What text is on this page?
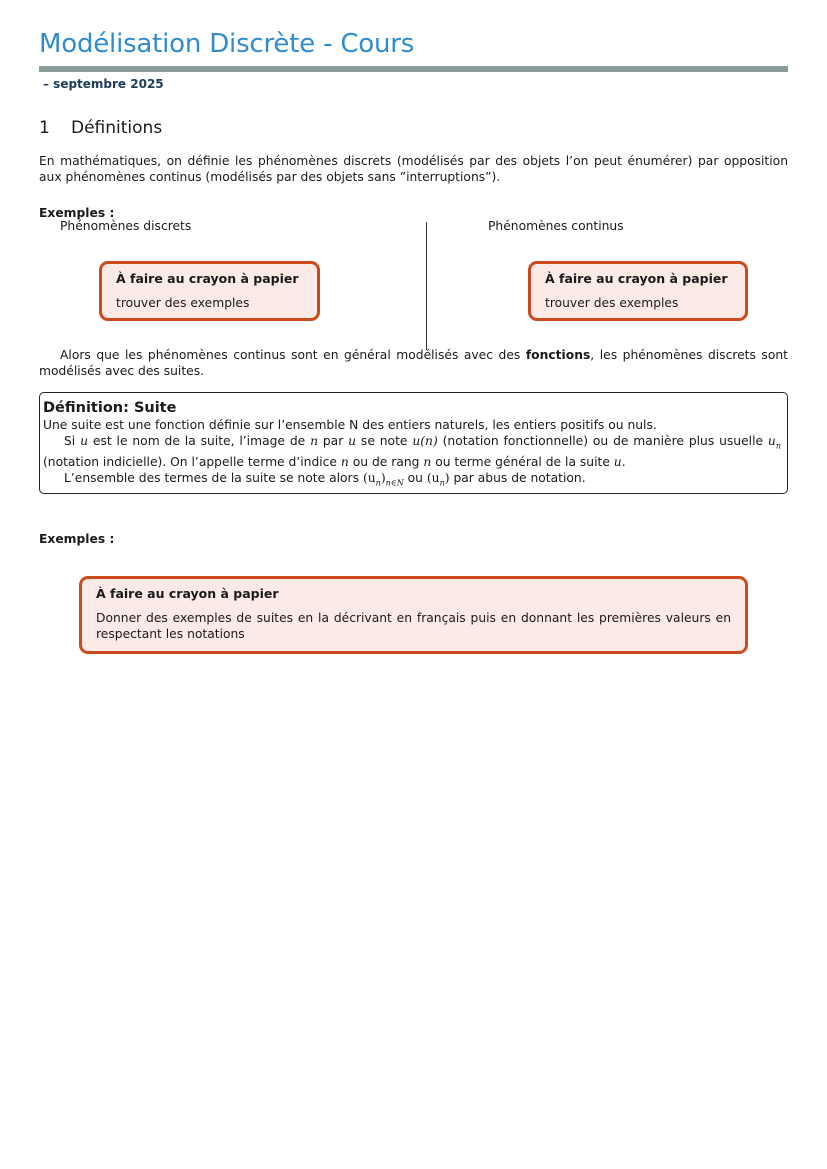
Modélisation Discrète - Cours
– septembre 2025
1 Définitions
En mathématiques, on définie les phénomènes discrets (modélisés par des objets l’on peut énumérer) par opposition aux phénomènes continus (modélisés par des objets sans ”interruptions”).
Exemples :
Phénomènes discrets	Phénomènes continus
À faire au crayon à papier
trouver des exemples
À faire au crayon à papier
trouver des exemples
Alors que les phénomènes continus sont en général modélisés avec des fonctions, les phénomènes discrets sont modélisés avec des suites.
Définition: Suite
Une suite est une fonction définie sur l’ensemble N des entiers naturels, les entiers positifs ou nuls.
Si u est le nom de la suite, l’image de n par u se note u(n) (notation fonctionnelle) ou de manière plus usuelle $u_n$ (notation indicielle). On l’appelle terme d’indice n ou de rang n ou terme général de la suite u.
L’ensemble des termes de la suite se note alors $(u_n)_{n\in N}$ ou $(u_n)$ par abus de notation.
Exemples :
À faire au crayon à papier
Donner des exemples de suites en la décrivant en français puis en donnant les premières valeurs en respectant les notations
